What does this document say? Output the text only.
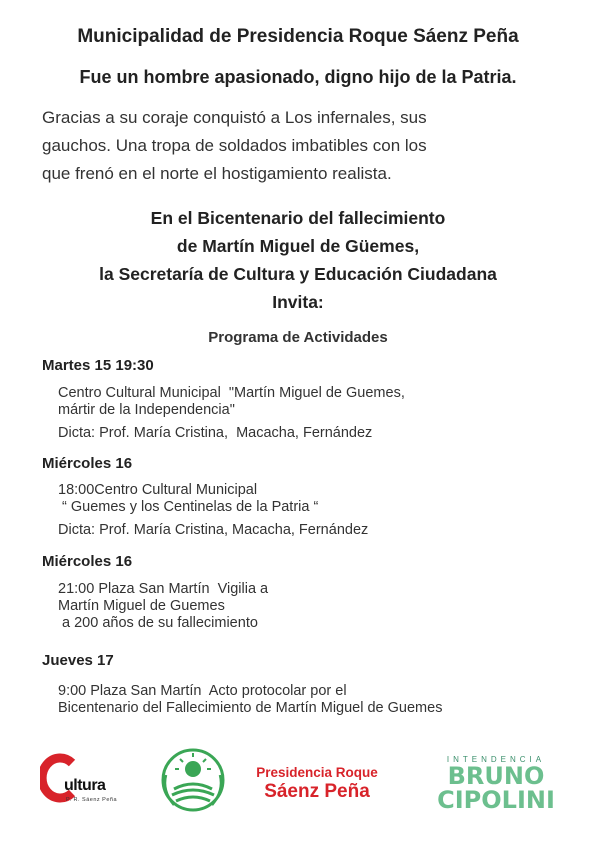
Municipalidad de Presidencia Roque Sáenz Peña
Fue un hombre apasionado, digno hijo de la Patria.
Gracias a su coraje conquistó a Los infernales, sus
gauchos. Una tropa de soldados imbatibles con los
que frenó en el norte el hostigamiento realista.
En el Bicentenario del fallecimiento
de Martín Miguel de Güemes,
la Secretaría de Cultura y Educación Ciudadana
Invita:
Programa de Actividades
Martes 15 19:30
Centro Cultural Municipal  "Martín Miguel de Guemes,
mártir de la Independencia"
Dicta: Prof. María Cristina,  Macacha, Fernández
Miércoles 16
18:00Centro Cultural Municipal
“ Guemes y los Centinelas de la Patria “
Dicta: Prof. María Cristina, Macacha, Fernández
Miércoles 16
21:00 Plaza San Martín  Vigilia a
Martín Miguel de Guemes
a 200 años de su fallecimiento
Jueves 17
9:00 Plaza San Martín  Acto protocolar por el
Bicentenario del Fallecimiento de Martín Miguel de Guemes
ultura
P. R. Sáenz Peña
Presidencia Roque
Sáenz Peña
INTENDENCIA
BRUNO
CIPOLINI
